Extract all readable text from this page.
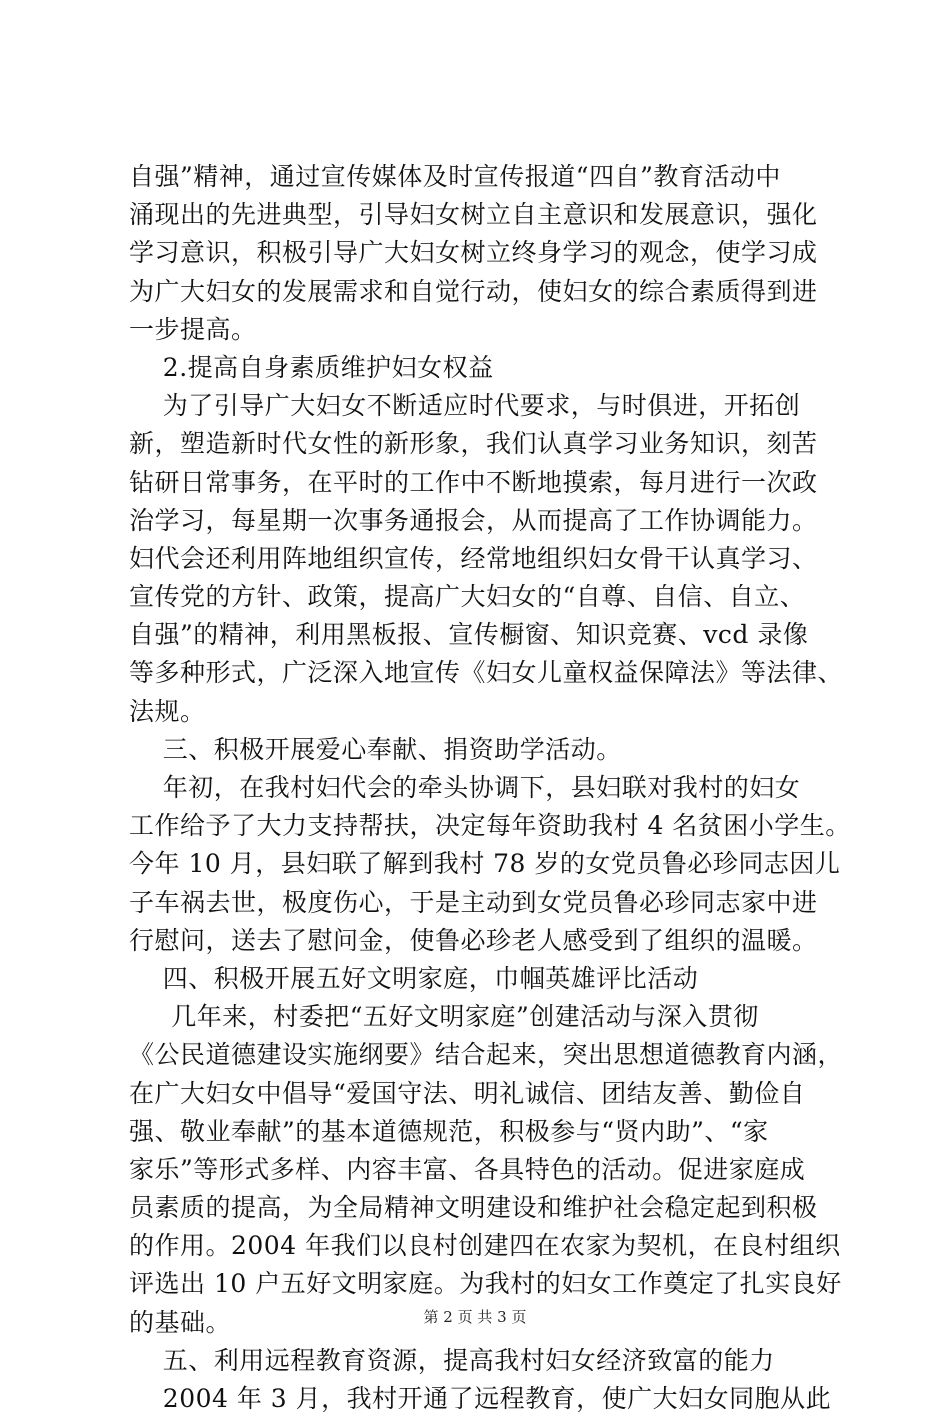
自强”精神，通过宣传媒体及时宣传报道“四自”教育活动中
涌现出的先进典型，引导妇女树立自主意识和发展意识，强化
学习意识，积极引导广大妇女树立终身学习的观念，使学习成
为广大妇女的发展需求和自觉行动，使妇女的综合素质得到进
一步提高。
2.提高自身素质维护妇女权益
为了引导广大妇女不断适应时代要求，与时俱进，开拓创
新，塑造新时代女性的新形象，我们认真学习业务知识，刻苦
钻研日常事务，在平时的工作中不断地摸索，每月进行一次政
治学习，每星期一次事务通报会，从而提高了工作协调能力。
妇代会还利用阵地组织宣传，经常地组织妇女骨干认真学习、
宣传党的方针、政策，提高广大妇女的“自尊、自信、自立、
自强”的精神，利用黑板报、宣传橱窗、知识竞赛、vcd 录像
等多种形式，广泛深入地宣传《妇女儿童权益保障法》等法律、
法规。
三、积极开展爱心奉献、捐资助学活动。
年初，在我村妇代会的牵头协调下，县妇联对我村的妇女
工作给予了大力支持帮扶，决定每年资助我村 4 名贫困小学生。
今年 10 月，县妇联了解到我村 78 岁的女党员鲁必珍同志因儿
子车祸去世，极度伤心，于是主动到女党员鲁必珍同志家中进
行慰问，送去了慰问金，使鲁必珍老人感受到了组织的温暖。
四、积极开展五好文明家庭，巾帼英雄评比活动
几年来，村委把“五好文明家庭”创建活动与深入贯彻
《公民道德建设实施纲要》结合起来，突出思想道德教育内涵，
在广大妇女中倡导“爱国守法、明礼诚信、团结友善、勤俭自
强、敬业奉献”的基本道德规范，积极参与“贤内助”、“家
家乐”等形式多样、内容丰富、各具特色的活动。促进家庭成
员素质的提高，为全局精神文明建设和维护社会稳定起到积极
的作用。2004 年我们以良村创建四在农家为契机，在良村组织
评选出 10 户五好文明家庭。为我村的妇女工作奠定了扎实良好
的基础。
五、利用远程教育资源，提高我村妇女经济致富的能力
2004 年 3 月，我村开通了远程教育，使广大妇女同胞从此
第 2 页 共 3 页
